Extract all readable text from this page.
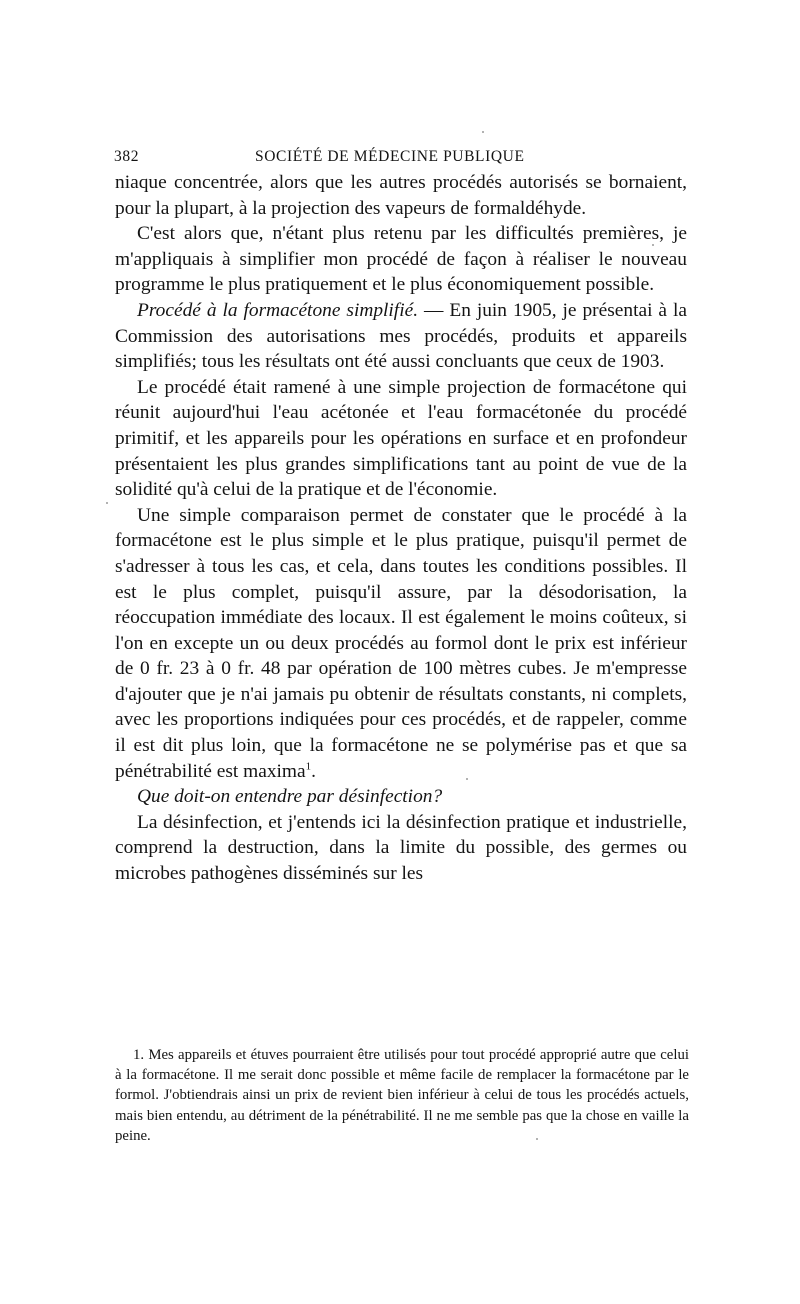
382	SOCIÉTÉ DE MÉDECINE PUBLIQUE

niaque concentrée, alors que les autres procédés autorisés se bornaient, pour la plupart, à la projection des vapeurs de formaldéhyde.

C'est alors que, n'étant plus retenu par les difficultés premières, je m'appliquais à simplifier mon procédé de façon à réaliser le nouveau programme le plus pratiquement et le plus économiquement possible.

Procédé à la formacétone simplifié. — En juin 1905, je présentai à la Commission des autorisations mes procédés, produits et appareils simplifiés; tous les résultats ont été aussi concluants que ceux de 1903.

Le procédé était ramené à une simple projection de formacétone qui réunit aujourd'hui l'eau acétonée et l'eau formacétonée du procédé primitif, et les appareils pour les opérations en surface et en profondeur présentaient les plus grandes simplifications tant au point de vue de la solidité qu'à celui de la pratique et de l'économie.

Une simple comparaison permet de constater que le procédé à la formacétone est le plus simple et le plus pratique, puisqu'il permet de s'adresser à tous les cas, et cela, dans toutes les conditions possibles. Il est le plus complet, puisqu'il assure, par la désodorisation, la réoccupation immédiate des locaux. Il est également le moins coûteux, si l'on en excepte un ou deux procédés au formol dont le prix est inférieur de 0 fr. 23 à 0 fr. 48 par opération de 100 mètres cubes. Je m'empresse d'ajouter que je n'ai jamais pu obtenir de résultats constants, ni complets, avec les proportions indiquées pour ces procédés, et de rappeler, comme il est dit plus loin, que la formacétone ne se polymérise pas et que sa pénétrabilité est maxima$^1$.

Que doit-on entendre par désinfection?

La désinfection, et j'entends ici la désinfection pratique et industrielle, comprend la destruction, dans la limite du possible, des germes ou microbes pathogènes disséminés sur les

1. Mes appareils et étuves pourraient être utilisés pour tout procédé approprié autre que celui à la formacétone. Il me serait donc possible et même facile de remplacer la formacétone par le formol. J'obtiendrais ainsi un prix de revient bien inférieur à celui de tous les procédés actuels, mais bien entendu, au détriment de la pénétrabilité. Il ne me semble pas que la chose en vaille la peine.
